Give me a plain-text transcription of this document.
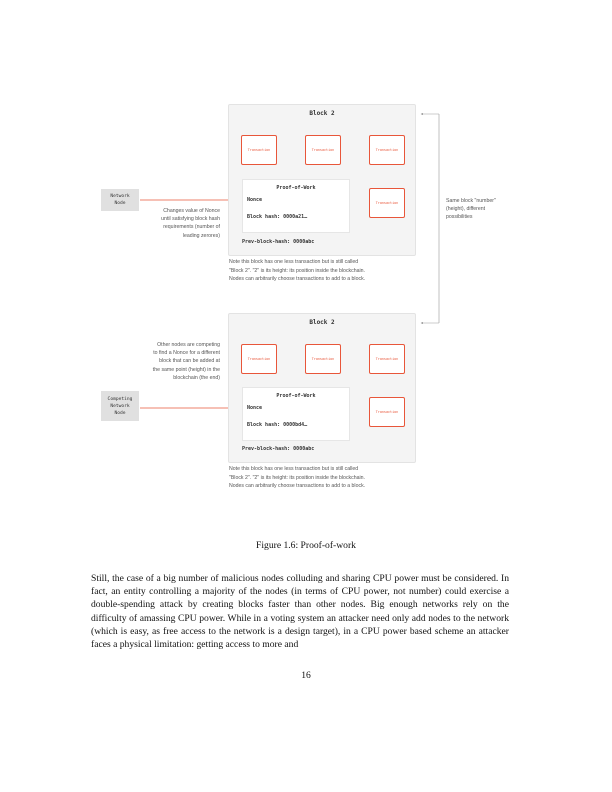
Block 2
Transaction	Transaction	Transaction
Transaction
Proof-of-Work
Nonce
Block hash: 0000a21…
Prev-block-hash: 0000abc
Note this block has one less transaction but is still called
"Block 2". "2" is its height: its position inside the blockchain.
Nodes can arbitrarily choose transactions to add to a block.
Network
Node
Changes value of Nonce
until satisfying block hash
requirements (number of
leading zerores)
Block 2
Transaction	Transaction	Transaction
Transaction
Proof-of-Work
Nonce
Block hash: 0000bd4…
Prev-block-hash: 0000abc
Note this block has one less transaction but is still called
"Block 2". "2" is its height: its position inside the blockchain.
Nodes can arbitrarily choose transactions to add to a block.
Competing
Network
Node
Other nodes are competing
to find a Nonce for a different
block that can be added at
the same point (height) in the
blockchain (the end)
Same block "number"
(height), different
possibilities
Figure 1.6: Proof-of-work
Still, the case of a big number of malicious nodes colluding and sharing CPU power must be considered. In fact, an entity controlling a majority of the nodes (in terms of CPU power, not number) could exercise a double-spending attack by creating blocks faster than other nodes. Big enough networks rely on the difficulty of amassing CPU power. While in a voting system an attacker need only add nodes to the network (which is easy, as free access to the network is a design target), in a CPU power based scheme an attacker faces a physical limitation: getting access to more and
16
